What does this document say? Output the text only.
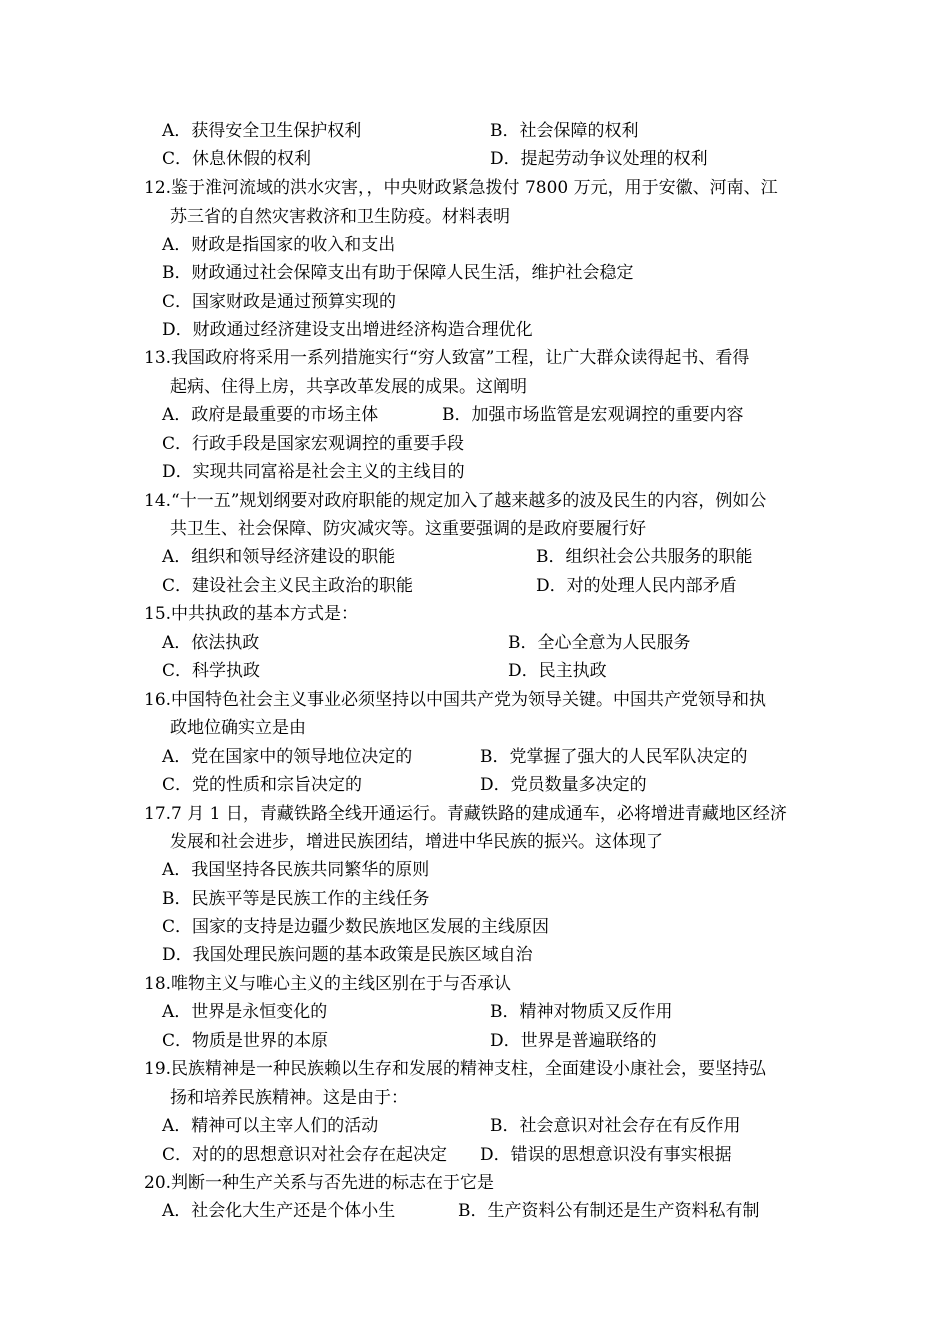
A．获得安全卫生保护权利	B．社会保障的权利
C．休息休假的权利	D．提起劳动争议处理的权利
12.鉴于淮河流域的洪水灾害，，中央财政紧急拨付 7800 万元，用于安徽、河南、江
苏三省的自然灾害救济和卫生防疫。材料表明
A．财政是指国家的收入和支出
B．财政通过社会保障支出有助于保障人民生活，维护社会稳定
C．国家财政是通过预算实现的
D．财政通过经济建设支出增进经济构造合理优化
13.我国政府将采用一系列措施实行“穷人致富”工程，让广大群众读得起书、看得
起病、住得上房，共享改革发展的成果。这阐明
A．政府是最重要的市场主体	B．加强市场监管是宏观调控的重要内容
C．行政手段是国家宏观调控的重要手段
D．实现共同富裕是社会主义的主线目的
14.“十一五”规划纲要对政府职能的规定加入了越来越多的波及民生的内容，例如公
共卫生、社会保障、防灾减灾等。这重要强调的是政府要履行好
A．组织和领导经济建设的职能	B．组织社会公共服务的职能
C．建设社会主义民主政治的职能	D．对的处理人民内部矛盾
15.中共执政的基本方式是：
A．依法执政	B．全心全意为人民服务
C．科学执政	D．民主执政
16.中国特色社会主义事业必须坚持以中国共产党为领导关键。中国共产党领导和执
政地位确实立是由
A．党在国家中的领导地位决定的	B．党掌握了强大的人民军队决定的
C．党的性质和宗旨决定的	D．党员数量多决定的
17.7 月 1 日，青藏铁路全线开通运行。青藏铁路的建成通车，必将增进青藏地区经济
发展和社会进步，增进民族团结，增进中华民族的振兴。这体现了
A．我国坚持各民族共同繁华的原则
B．民族平等是民族工作的主线任务
C．国家的支持是边疆少数民族地区发展的主线原因
D．我国处理民族问题的基本政策是民族区域自治
18.唯物主义与唯心主义的主线区别在于与否承认
A．世界是永恒变化的	B．精神对物质又反作用
C．物质是世界的本原	D．世界是普遍联络的
19.民族精神是一种民族赖以生存和发展的精神支柱，全面建设小康社会，要坚持弘
扬和培养民族精神。这是由于：
A．精神可以主宰人们的活动	B．社会意识对社会存在有反作用
C．对的的思想意识对社会存在起决定 D．错误的思想意识没有事实根据
20.判断一种生产关系与否先进的标志在于它是
A．社会化大生产还是个体小生	B．生产资料公有制还是生产资料私有制
